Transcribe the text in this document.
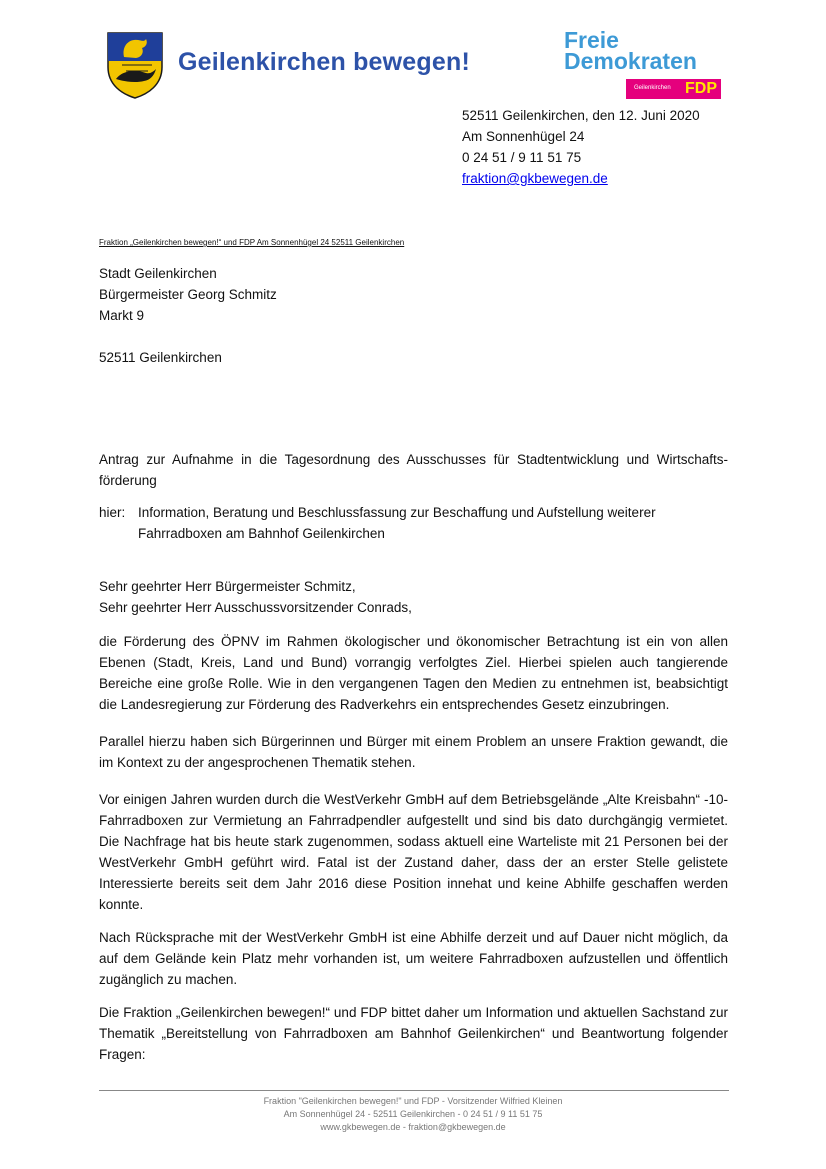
Geilenkirchen bewegen!
Freie
Demokraten
Geilenkirchen FDP
52511 Geilenkirchen, den 12. Juni 2020
Am Sonnenhügel 24
0 24 51 / 9 11 51 75
fraktion@gkbewegen.de
Fraktion „Geilenkirchen bewegen!“ und FDP Am Sonnenhügel 24 52511 Geilenkirchen
Stadt Geilenkirchen
Bürgermeister Georg Schmitz
Markt 9
52511 Geilenkirchen
Antrag zur Aufnahme in die Tagesordnung des Ausschusses für Stadtentwicklung und Wirtschafts-förderung
hier: Information, Beratung und Beschlussfassung zur Beschaffung und Aufstellung weiterer Fahrradboxen am Bahnhof Geilenkirchen
Sehr geehrter Herr Bürgermeister Schmitz,
Sehr geehrter Herr Ausschussvorsitzender Conrads,
die Förderung des ÖPNV im Rahmen ökologischer und ökonomischer Betrachtung ist ein von allen Ebenen (Stadt, Kreis, Land und Bund) vorrangig verfolgtes Ziel. Hierbei spielen auch tangierende Bereiche eine große Rolle. Wie in den vergangenen Tagen den Medien zu entnehmen ist, beabsichtigt die Landesregierung zur Förderung des Radverkehrs ein entsprechendes Gesetz einzubringen.
Parallel hierzu haben sich Bürgerinnen und Bürger mit einem Problem an unsere Fraktion gewandt, die im Kontext zu der angesprochenen Thematik stehen.
Vor einigen Jahren wurden durch die WestVerkehr GmbH auf dem Betriebsgelände „Alte Kreisbahn“ -10- Fahrradboxen zur Vermietung an Fahrradpendler aufgestellt und sind bis dato durchgängig vermietet. Die Nachfrage hat bis heute stark zugenommen, sodass aktuell eine Warteliste mit 21 Personen bei der WestVerkehr GmbH geführt wird. Fatal ist der Zustand daher, dass der an erster Stelle gelistete Interessierte bereits seit dem Jahr 2016 diese Position innehat und keine Abhilfe geschaffen werden konnte.
Nach Rücksprache mit der WestVerkehr GmbH ist eine Abhilfe derzeit und auf Dauer nicht möglich, da auf dem Gelände kein Platz mehr vorhanden ist, um weitere Fahrradboxen aufzustellen und öffentlich zugänglich zu machen.
Die Fraktion „Geilenkirchen bewegen!“ und FDP bittet daher um Information und aktuellen Sachstand zur Thematik „Bereitstellung von Fahrradboxen am Bahnhof Geilenkirchen“ und Beantwortung folgender Fragen:
Fraktion "Geilenkirchen bewegen!" und FDP - Vorsitzender Wilfried Kleinen
Am Sonnenhügel 24 - 52511 Geilenkirchen - 0 24 51 / 9 11 51 75
www.gkbewegen.de - fraktion@gkbewegen.de
